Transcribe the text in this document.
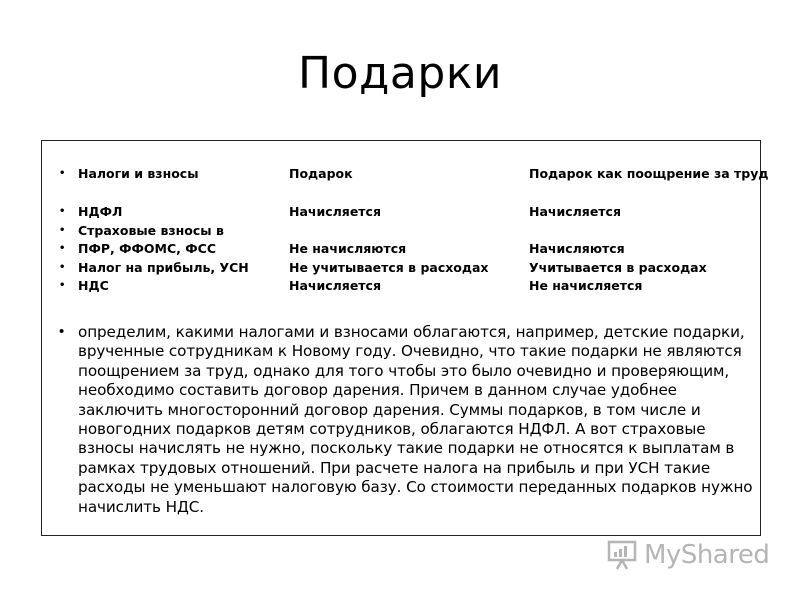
Подарки
• Налоги и взносы	Подарок	Подарок как поощрение за труд
• НДФЛ	Начисляется	Начисляется
• Страховые взносы в
• ПФР, ФФОМС, ФСС	Не начисляются	Начисляются
• Налог на прибыль, УСН	Не учитывается в расходах	Учитывается в расходах
• НДС	Начисляется	Не начисляется
• определим, какими налогами и взносами облагаются, например, детские подарки, врученные сотрудникам к Новому году. Очевидно, что такие подарки не являются поощрением за труд, однако для того чтобы это было очевидно и проверяющим, необходимо составить договор дарения. Причем в данном случае удобнее заключить многосторонний договор дарения. Суммы подарков, в том числе и новогодних подарков детям сотрудников, облагаются НДФЛ. А вот страховые взносы начислять не нужно, поскольку такие подарки не относятся к выплатам в рамках трудовых отношений. При расчете налога на прибыль и при УСН такие расходы не уменьшают налоговую базу. Со стоимости переданных подарков нужно начислить НДС.
MyShared
